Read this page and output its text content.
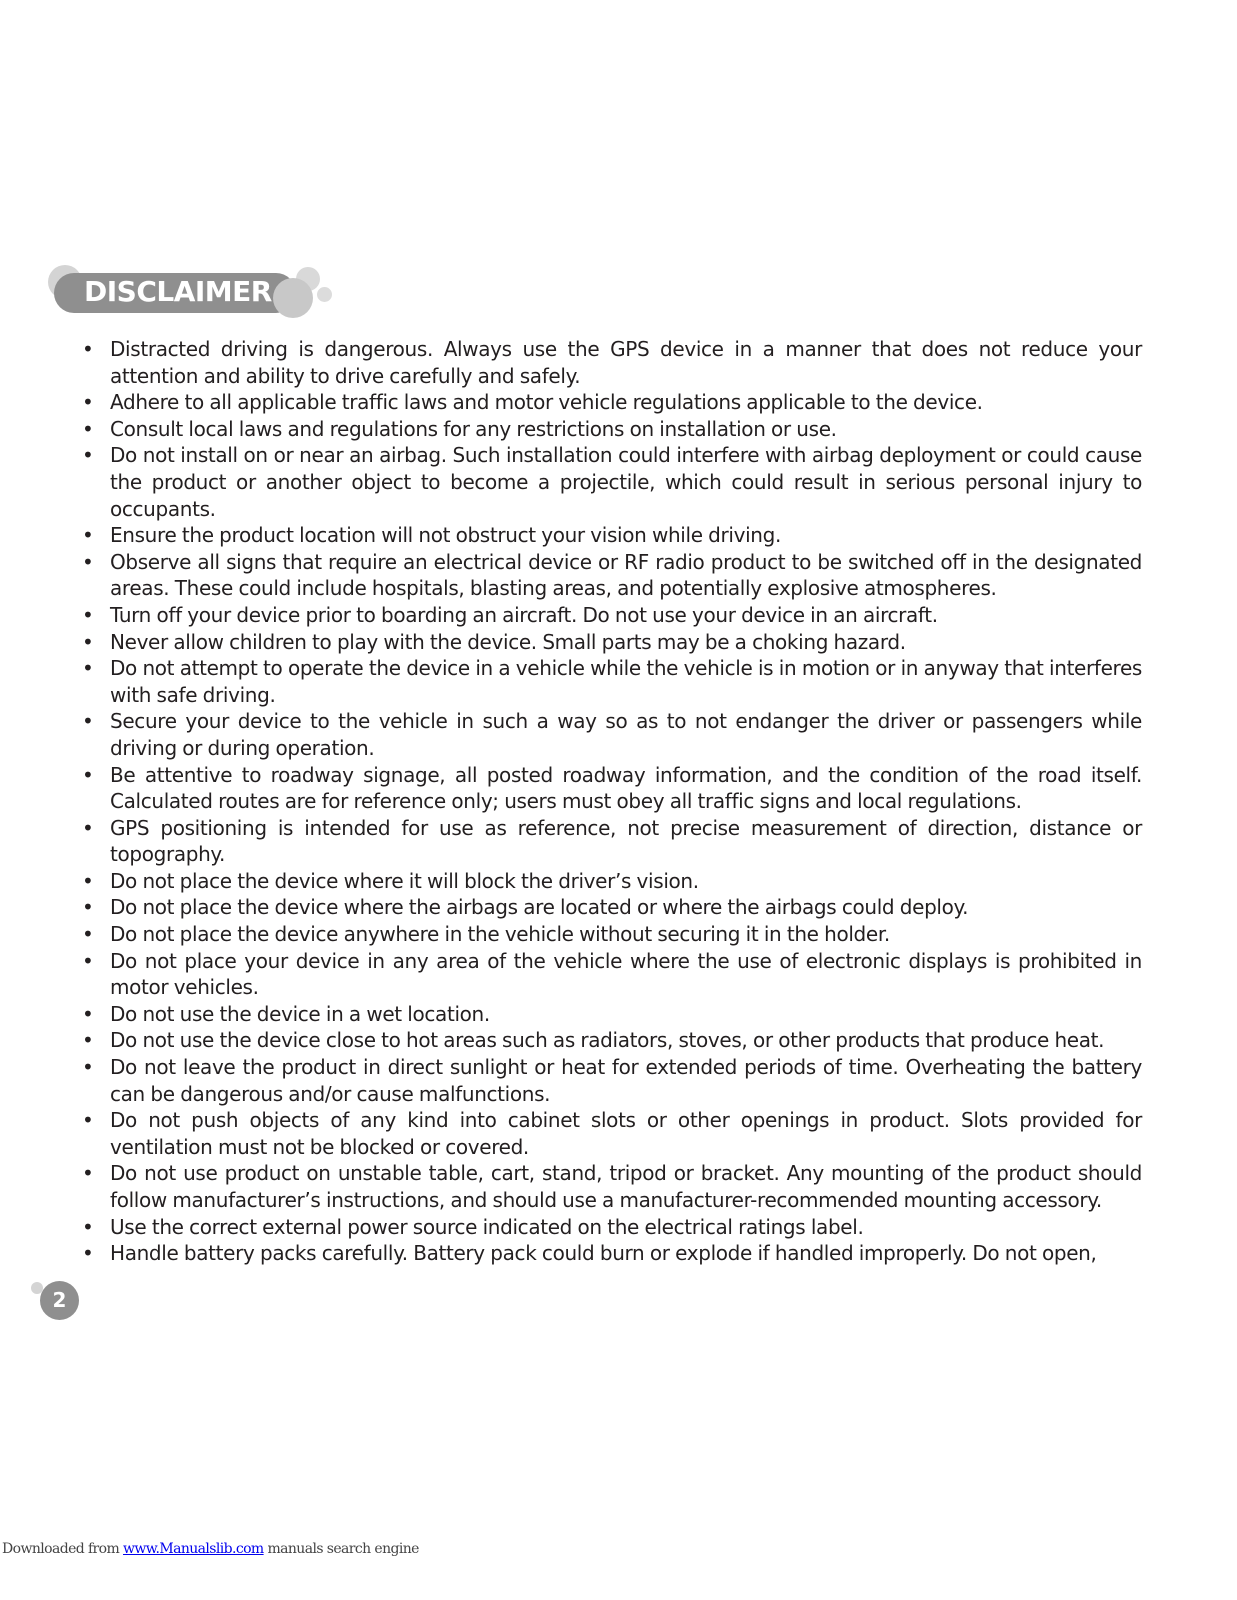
DISCLAIMER
• Distracted driving is dangerous. Always use the GPS device in a manner that does not reduce your attention and ability to drive carefully and safely.
• Adhere to all applicable traffic laws and motor vehicle regulations applicable to the device.
• Consult local laws and regulations for any restrictions on installation or use.
• Do not install on or near an airbag. Such installation could interfere with airbag deployment or could cause the product or another object to become a projectile, which could result in serious personal injury to occupants.
• Ensure the product location will not obstruct your vision while driving.
• Observe all signs that require an electrical device or RF radio product to be switched off in the designated areas. These could include hospitals, blasting areas, and potentially explosive atmospheres.
• Turn off your device prior to boarding an aircraft. Do not use your device in an aircraft.
• Never allow children to play with the device. Small parts may be a choking hazard.
• Do not attempt to operate the device in a vehicle while the vehicle is in motion or in anyway that interferes with safe driving.
• Secure your device to the vehicle in such a way so as to not endanger the driver or passengers while driving or during operation.
• Be attentive to roadway signage, all posted roadway information, and the condition of the road itself. Calculated routes are for reference only; users must obey all traffic signs and local regulations.
• GPS positioning is intended for use as reference, not precise measurement of direction, distance or topography.
• Do not place the device where it will block the driver’s vision.
• Do not place the device where the airbags are located or where the airbags could deploy.
• Do not place the device anywhere in the vehicle without securing it in the holder.
• Do not place your device in any area of the vehicle where the use of electronic displays is prohibited in motor vehicles.
• Do not use the device in a wet location.
• Do not use the device close to hot areas such as radiators, stoves, or other products that produce heat.
• Do not leave the product in direct sunlight or heat for extended periods of time. Overheating the battery can be dangerous and/or cause malfunctions.
• Do not push objects of any kind into cabinet slots or other openings in product. Slots provided for ventilation must not be blocked or covered.
• Do not use product on unstable table, cart, stand, tripod or bracket. Any mounting of the product should follow manufacturer’s instructions, and should use a manufacturer-recommended mounting accessory.
• Use the correct external power source indicated on the electrical ratings label.
• Handle battery packs carefully. Battery pack could burn or explode if handled improperly. Do not open,
2
Downloaded from www.Manualslib.com manuals search engine
